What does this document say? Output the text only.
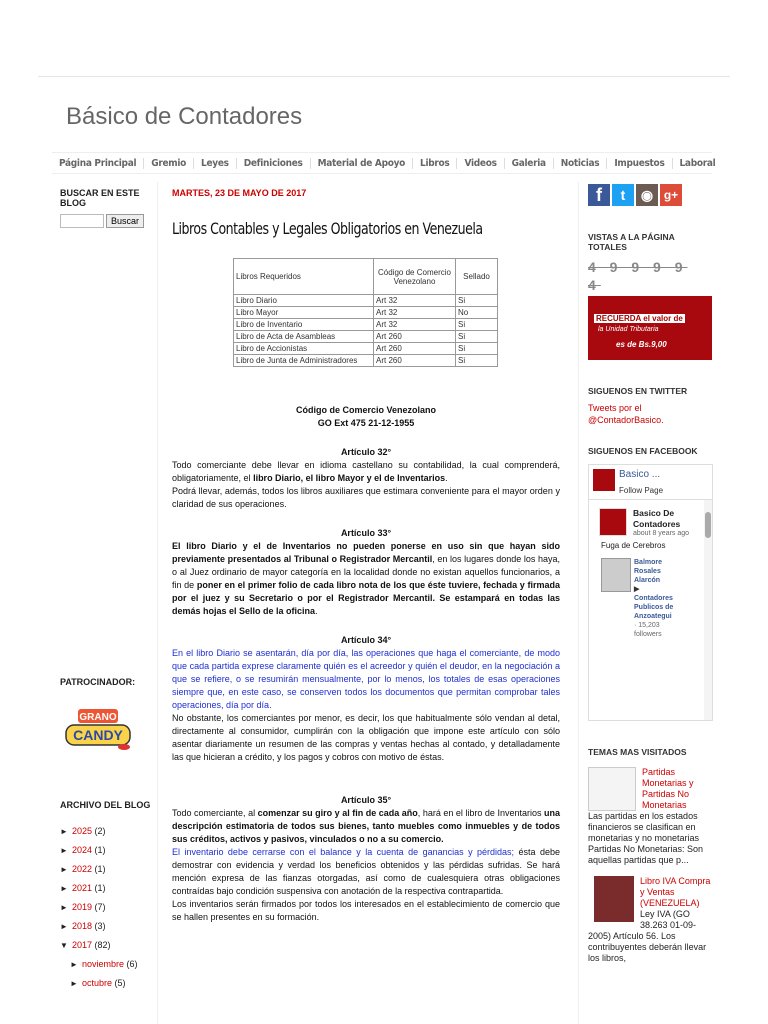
Básico de Contadores
Página Principal	Gremio	Leyes	Definiciones	Material de Apoyo	Libros	Videos	Galeria	Noticias	Impuestos	Laboral
BUSCAR EN ESTE BLOG
Buscar
PATROCINADOR:
GRANO
CANDY
ARCHIVO DEL BLOG
► 2025 (2)
► 2024 (1)
► 2022 (1)
► 2021 (1)
► 2019 (7)
► 2018 (3)
▼ 2017 (82)
► noviembre (6)
► octubre (5)
MARTES, 23 DE MAYO DE 2017
Libros Contables y Legales Obligatorios en Venezuela
Libros Requeridos	Código de Comercio Venezolano	Sellado
Libro Diario	Art 32	Si
Libro Mayor	Art 32	No
Libro de Inventario	Art 32	Si
Libro de Acta de Asambleas	Art 260	Si
Libro de Accionistas	Art 260	Si
Libro de Junta de Administradores	Art 260	Si
Código de Comercio Venezolano
GO Ext 475 21-12-1955
Artículo 32°

Todo comerciante debe llevar en idioma castellano su contabilidad, la cual comprenderá, obligatoriamente, el libro Diario, el libro Mayor y el de Inventarios.

Podrá llevar, además, todos los libros auxiliares que estimara conveniente para el mayor orden y claridad de sus operaciones.

Artículo 33°

El libro Diario y el de Inventarios no pueden ponerse en uso sin que hayan sido previamente presentados al Tribunal o Registrador Mercantil, en los lugares donde los haya, o al Juez ordinario de mayor categoría en la localidad donde no existan aquellos funcionarios, a fin de poner en el primer folio de cada libro nota de los que éste tuviere, fechada y firmada por el juez y su Secretario o por el Registrador Mercantil. Se estampará en todas las demás hojas el Sello de la oficina.

Artículo 34°

En el libro Diario se asentarán, día por día, las operaciones que haga el comerciante, de modo que cada partida exprese claramente quién es el acreedor y quién el deudor, en la negociación a que se refiere, o se resumirán mensualmente, por lo menos, los totales de esas operaciones siempre que, en este caso, se conserven todos los documentos que permitan comprobar tales operaciones, día por día.

No obstante, los comerciantes por menor, es decir, los que habitualmente sólo vendan al detal, directamente al consumidor, cumplirán con la obligación que impone este artículo con sólo asentar diariamente un resumen de las compras y ventas hechas al contado, y detalladamente las que hicieran a crédito, y los pagos y cobros con motivo de éstas.

Artículo 35°

Todo comerciante, al comenzar su giro y al fin de cada año, hará en el libro de Inventarios una descripción estimatoria de todos sus bienes, tanto muebles como inmuebles y de todos sus créditos, activos y pasivos, vinculados o no a su comercio.

El inventario debe cerrarse con el balance y la cuenta de ganancias y pérdidas; ésta debe demostrar con evidencia y verdad los beneficios obtenidos y las pérdidas sufridas. Se hará mención expresa de las fianzas otorgadas, así como de cualesquiera otras obligaciones contraídas bajo condición suspensiva con anotación de la respectiva contrapartida.

Los inventarios serán firmados por todos los interesados en el establecimiento de comercio que se hallen presentes en su formación.

f	t	◉ g+
VISTAS A LA PÁGINA TOTALES
4 9 9 9 9
4
RECUERDA el valor de
la Unidad Tributaria
es de Bs.9,00
SIGUENOS EN TWITTER
Tweets por el @ContadorBasico.
SIGUENOS EN FACEBOOK
Basico ...
Follow Page
Basico De Contadores
about 8 years ago
Fuga de Cerebros
Balmore Rosales Alarcón
▶
Contadores Publicos de Anzoategui
· 15,203 followers
TEMAS MAS VISITADOS
Partidas Monetarias y Partidas No Monetarias
Las partidas en los estados financieros se clasifican en monetarias y no monetarias Partidas No Monetarias: Son aquellas partidas que p...
Libro IVA Compra y Ventas (VENEZUELA)
Ley IVA (GO 38.263 01-09-2005) Artículo 56. Los contribuyentes deberán llevar los libros,
